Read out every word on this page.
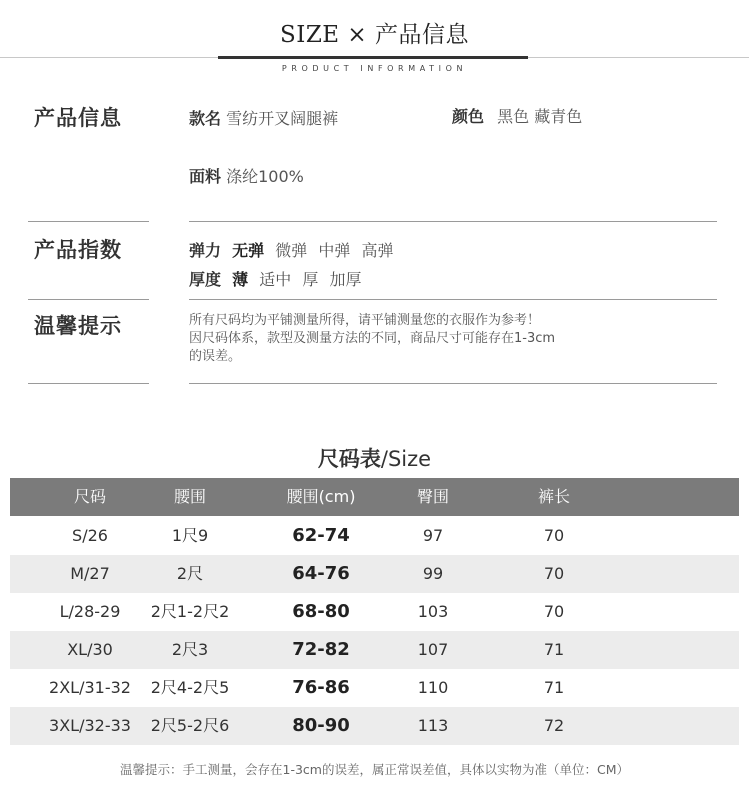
SIZE × 产品信息
PRODUCT INFORMATION
产品信息	款名 雪纺开叉阔腿裤	颜色 黑色 藏青色
面料 涤纶100%
产品指数	弹力 无弹 微弹 中弹 高弹
厚度 薄 适中 厚 加厚
温馨提示	所有尺码均为平铺测量所得，请平铺测量您的衣服作为参考！
因尺码体系，款型及测量方法的不同，商品尺寸可能存在1-3cm
的误差。
尺码表/Size
尺码	腰围	腰围(cm)	臀围	裤长
S/26	1尺9	62-74	97	70
M/27	2尺	64-76	99	70
L/28-29	2尺1-2尺2	68-80	103	70
XL/30	2尺3	72-82	107	71
2XL/31-32	2尺4-2尺5	76-86	110	71
3XL/32-33	2尺5-2尺6	80-90	113	72
温馨提示：手工测量，会存在1-3cm的误差，属正常误差值，具体以实物为准（单位：CM）
